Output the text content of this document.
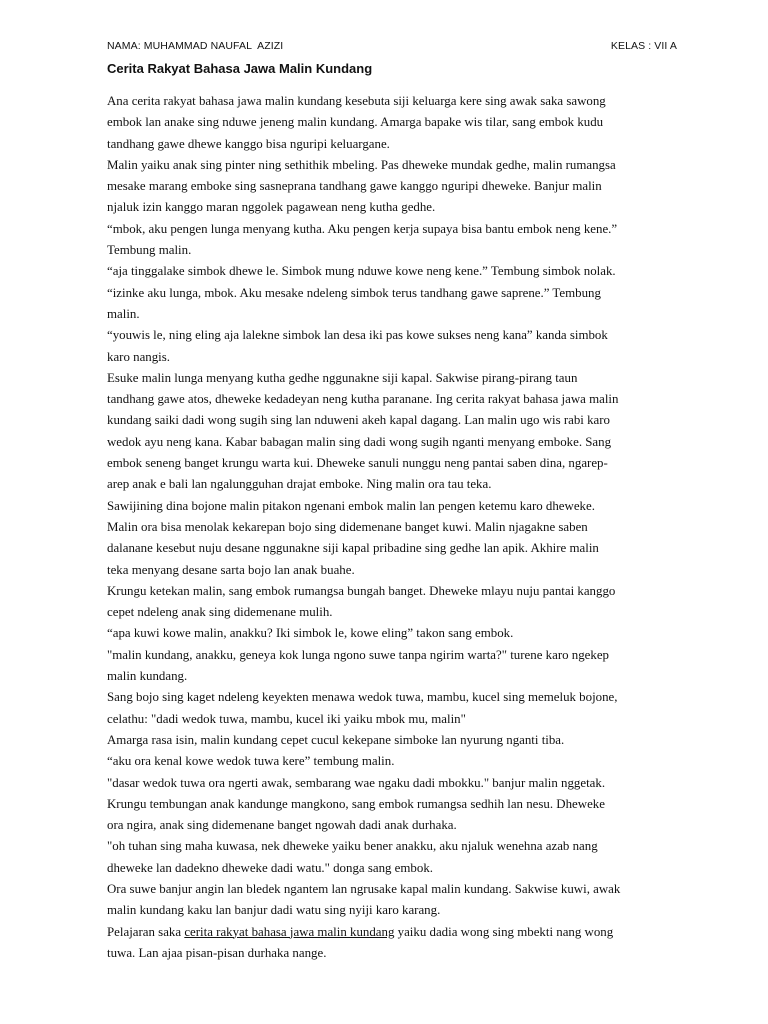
NAMA: MUHAMMAD NAUFAL  AZIZI	KELAS : VII A
Cerita Rakyat Bahasa Jawa Malin Kundang

Ana cerita rakyat bahasa jawa malin kundang kesebuta siji keluarga kere sing awak saka sawong
embok lan anake sing nduwe jeneng malin kundang. Amarga bapake wis tilar, sang embok kudu
tandhang gawe dhewe kanggo bisa nguripi keluargane.

Malin yaiku anak sing pinter ning sethithik mbeling. Pas dheweke mundak gedhe, malin rumangsa
mesake marang emboke sing sasneprana tandhang gawe kanggo nguripi dheweke. Banjur malin
njaluk izin kanggo maran nggolek pagawean neng kutha gedhe.

“mbok, aku pengen lunga menyang kutha. Aku pengen kerja supaya bisa bantu embok neng kene.”
Tembung malin.

“aja tinggalake simbok dhewe le. Simbok mung nduwe kowe neng kene.” Tembung simbok nolak.

“izinke aku lunga, mbok. Aku mesake ndeleng simbok terus tandhang gawe saprene.” Tembung
malin.

“youwis le, ning eling aja lalekne simbok lan desa iki pas kowe sukses neng kana” kanda simbok
karo nangis.

Esuke malin lunga menyang kutha gedhe nggunakne siji kapal. Sakwise pirang-pirang taun
tandhang gawe atos, dheweke kedadeyan neng kutha paranane. Ing cerita rakyat bahasa jawa malin
kundang saiki dadi wong sugih sing lan nduweni akeh kapal dagang. Lan malin ugo wis rabi karo
wedok ayu neng kana. Kabar babagan malin sing dadi wong sugih nganti menyang emboke. Sang
embok seneng banget krungu warta kui. Dheweke sanuli nunggu neng pantai saben dina, ngarep-
arep anak e bali lan ngalungguhan drajat emboke. Ning malin ora tau teka.

Sawijining dina bojone malin pitakon ngenani embok malin lan pengen ketemu karo dheweke.
Malin ora bisa menolak kekarepan bojo sing didemenane banget kuwi. Malin njagakne saben
dalanane kesebut nuju desane nggunakne siji kapal pribadine sing gedhe lan apik. Akhire malin
teka menyang desane sarta bojo lan anak buahe.

Krungu ketekan malin, sang embok rumangsa bungah banget. Dheweke mlayu nuju pantai kanggo
cepet ndeleng anak sing didemenane mulih.

“apa kuwi kowe malin, anakku? Iki simbok le, kowe eling” takon sang embok.

"malin kundang, anakku, geneya kok lunga ngono suwe tanpa ngirim warta?" turene karo ngekep
malin kundang.

Sang bojo sing kaget ndeleng keyekten menawa wedok tuwa, mambu, kucel sing memeluk bojone,
celathu: "dadi wedok tuwa, mambu, kucel iki yaiku mbok mu, malin"

Amarga rasa isin, malin kundang cepet cucul kekepane simboke lan nyurung nganti tiba.

“aku ora kenal kowe wedok tuwa kere” tembung malin.

"dasar wedok tuwa ora ngerti awak, sembarang wae ngaku dadi mbokku." banjur malin nggetak.

Krungu tembungan anak kandunge mangkono, sang embok rumangsa sedhih lan nesu. Dheweke
ora ngira, anak sing didemenane banget ngowah dadi anak durhaka.

"oh tuhan sing maha kuwasa, nek dheweke yaiku bener anakku, aku njaluk wenehna azab nang
dheweke lan dadekno dheweke dadi watu." donga sang embok.

Ora suwe banjur angin lan bledek ngantem lan ngrusake kapal malin kundang. Sakwise kuwi, awak
malin kundang kaku lan banjur dadi watu sing nyiji karo karang.

Pelajaran saka cerita rakyat bahasa jawa malin kundang yaiku dadia wong sing mbekti nang wong
tuwa. Lan ajaa pisan-pisan durhaka nange.
